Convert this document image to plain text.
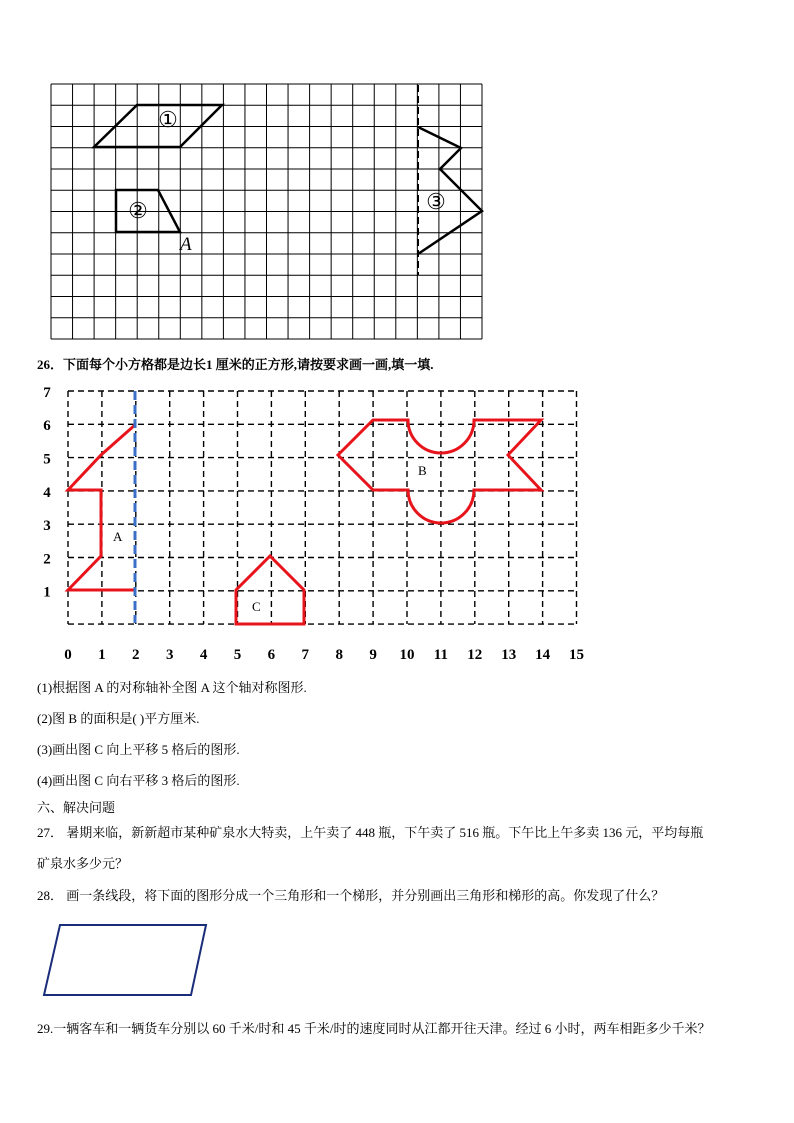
①
②	③
A
26．下面每个小方格都是边长1 厘米的正方形,请按要求画一画,填一填.
1
2
3
4
5
6
7
0 1 2 3 4 5 6 7 8 9 10 11 12 13 14 15
A
B
C
(1)根据图 A 的对称轴补全图 A 这个轴对称图形.
(2)图 B 的面积是( )平方厘米.
(3)画出图 C 向上平移 5 格后的图形.
(4)画出图 C 向右平移 3 格后的图形.
六、解决问题
27． 暑期来临，新新超市某种矿泉水大特卖，上午卖了 448 瓶，下午卖了 516 瓶。下午比上午多卖 136 元，平均每瓶
矿泉水多少元？
28． 画一条线段，将下面的图形分成一个三角形和一个梯形，并分别画出三角形和梯形的高。你发现了什么？
29.一辆客车和一辆货车分别以 60 千米/时和 45 千米/时的速度同时从江都开往天津。经过 6 小时，两车相距多少千米？
